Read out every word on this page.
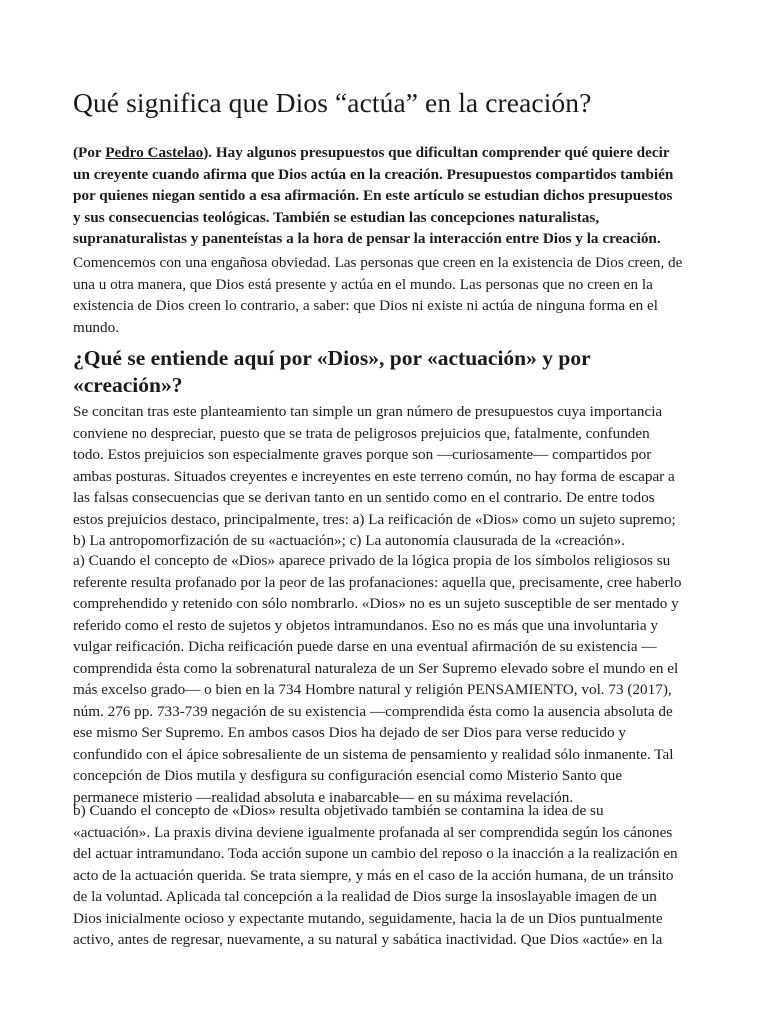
Qué significa que Dios “actúa” en la creación?
(Por Pedro Castelao). Hay algunos presupuestos que dificultan comprender qué quiere decir
un creyente cuando afirma que Dios actúa en la creación. Presupuestos compartidos también
por quienes niegan sentido a esa afirmación. En este artículo se estudian dichos presupuestos
y sus consecuencias teológicas. También se estudian las concepciones naturalistas,
supranaturalistas y panenteístas a la hora de pensar la interacción entre Dios y la creación.
Comencemos con una engañosa obviedad. Las personas que creen en la existencia de Dios creen, de
una u otra manera, que Dios está presente y actúa en el mundo. Las personas que no creen en la
existencia de Dios creen lo contrario, a saber: que Dios ni existe ni actúa de ninguna forma en el
mundo.
¿Qué se entiende aquí por «Dios», por «actuación» y por
«creación»?
Se concitan tras este planteamiento tan simple un gran número de presupuestos cuya importancia
conviene no despreciar, puesto que se trata de peligrosos prejuicios que, fatalmente, confunden
todo. Estos prejuicios son especialmente graves porque son —curiosamente— compartidos por
ambas posturas. Situados creyentes e increyentes en este terreno común, no hay forma de escapar a
las falsas consecuencias que se derivan tanto en un sentido como en el contrario. De entre todos
estos prejuicios destaco, principalmente, tres: a) La reificación de «Dios» como un sujeto supremo;
b) La antropomorfización de su «actuación»; c) La autonomía clausurada de la «creación».
a) Cuando el concepto de «Dios» aparece privado de la lógica propia de los símbolos religiosos su
referente resulta profanado por la peor de las profanaciones: aquella que, precisamente, cree haberlo
comprehendido y retenido con sólo nombrarlo. «Dios» no es un sujeto susceptible de ser mentado y
referido como el resto de sujetos y objetos intramundanos. Eso no es más que una involuntaria y
vulgar reificación. Dicha reificación puede darse en una eventual afirmación de su existencia —
comprendida ésta como la sobrenatural naturaleza de un Ser Supremo elevado sobre el mundo en el
más excelso grado— o bien en la 734 Hombre natural y religión PENSAMIENTO, vol. 73 (2017),
núm. 276 pp. 733-739 negación de su existencia —comprendida ésta como la ausencia absoluta de
ese mismo Ser Supremo. En ambos casos Dios ha dejado de ser Dios para verse reducido y
confundido con el ápice sobresaliente de un sistema de pensamiento y realidad sólo inmanente. Tal
concepción de Dios mutila y desfigura su configuración esencial como Misterio Santo que
permanece misterio —realidad absoluta e inabarcable— en su máxima revelación.
b) Cuando el concepto de «Dios» resulta objetivado también se contamina la idea de su
«actuación». La praxis divina deviene igualmente profanada al ser comprendida según los cánones
del actuar intramundano. Toda acción supone un cambio del reposo o la inacción a la realización en
acto de la actuación querida. Se trata siempre, y más en el caso de la acción humana, de un tránsito
de la voluntad. Aplicada tal concepción a la realidad de Dios surge la insoslayable imagen de un
Dios inicialmente ocioso y expectante mutando, seguidamente, hacia la de un Dios puntualmente
activo, antes de regresar, nuevamente, a su natural y sabática inactividad. Que Dios «actúe» en la
